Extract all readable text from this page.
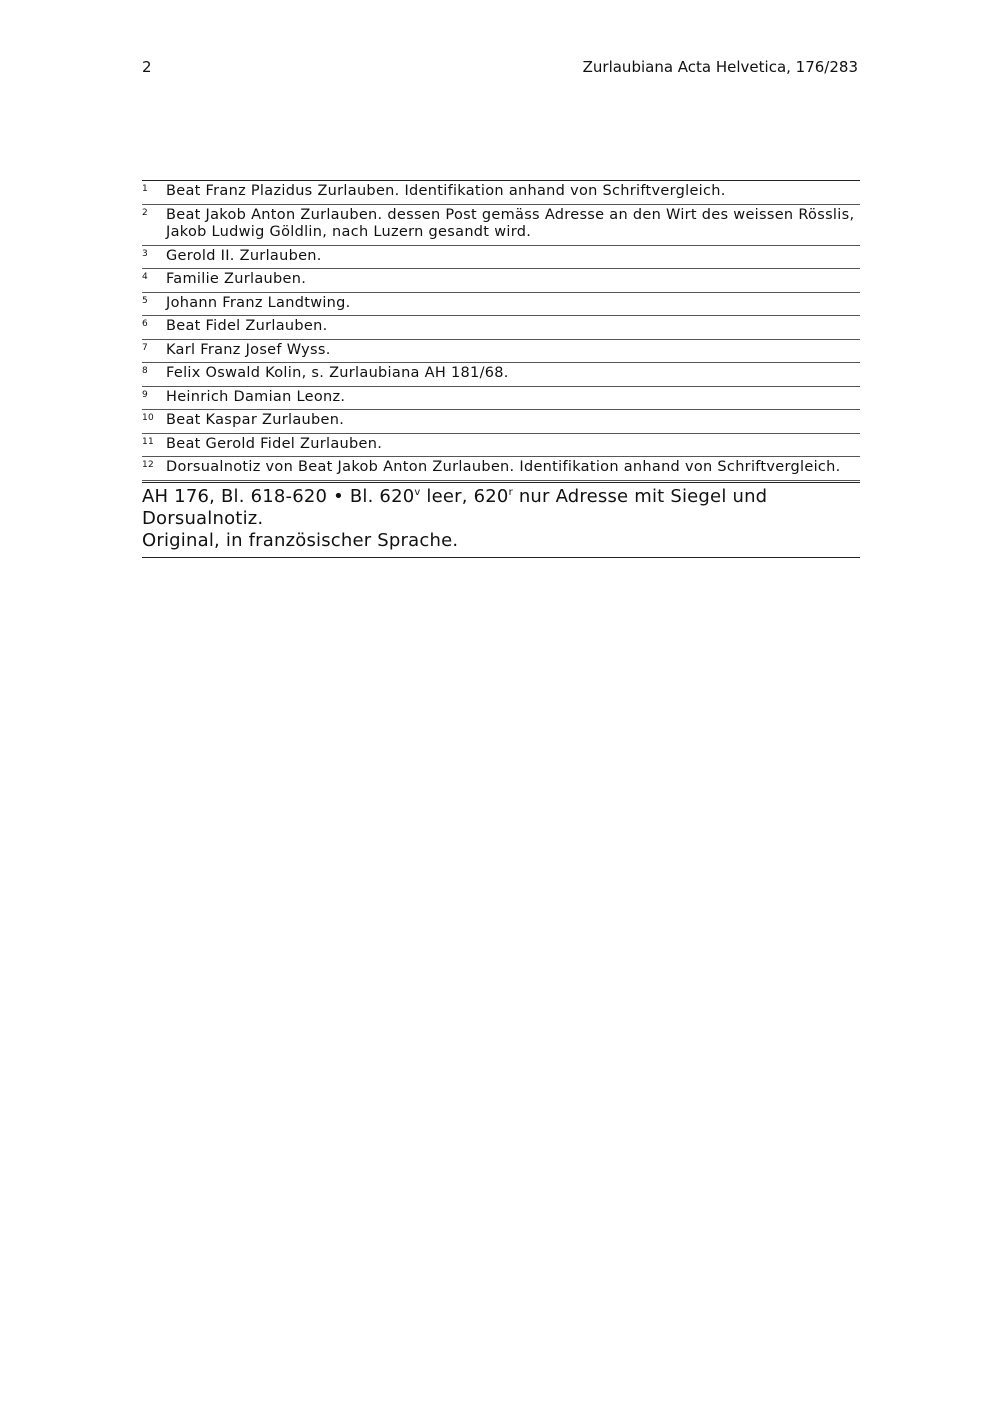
2	Zurlaubiana Acta Helvetica, 176/283
1	Beat Franz Plazidus Zurlauben. Identifikation anhand von Schriftvergleich.
2	Beat Jakob Anton Zurlauben. dessen Post gemäss Adresse an den Wirt des weissen Rösslis, Jakob Ludwig Göldlin, nach Luzern gesandt wird.
3	Gerold II. Zurlauben.
4	Familie Zurlauben.
5	Johann Franz Landtwing.
6	Beat Fidel Zurlauben.
7	Karl Franz Josef Wyss.
8	Felix Oswald Kolin, s. Zurlaubiana AH 181/68.
9	Heinrich Damian Leonz.
10 Beat Kaspar Zurlauben.
11 Beat Gerold Fidel Zurlauben.
12 Dorsualnotiz von Beat Jakob Anton Zurlauben. Identifikation anhand von Schriftvergleich.
AH 176, Bl. 618-620 • Bl. 620$^v$ leer, 620$^r$ nur Adresse mit Siegel und Dorsualnotiz.
Original, in französischer Sprache.
